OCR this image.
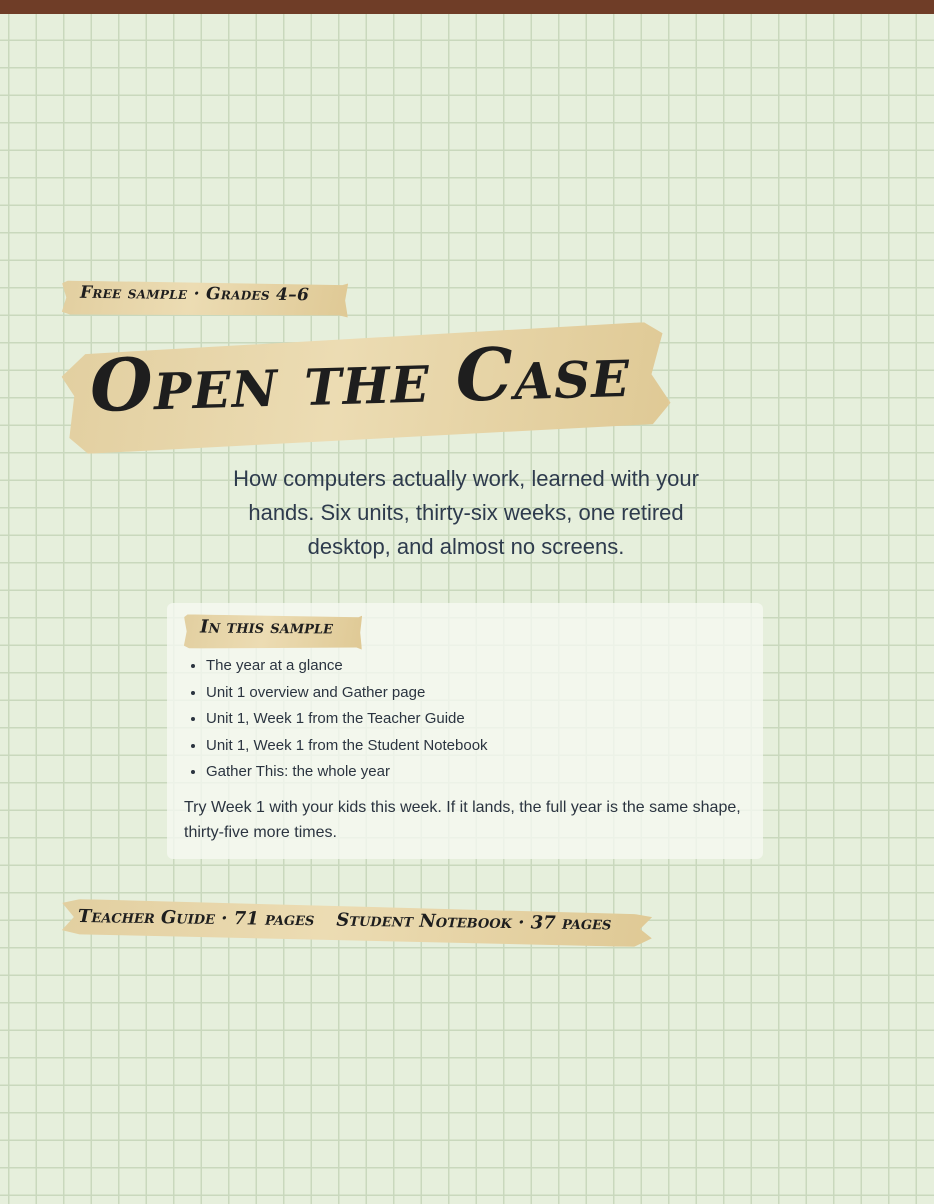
Free sample · Grades 4–6
Open the Case

How computers actually work, learned with your hands. Six units, thirty-six weeks, one retired desktop, and almost no screens.

In this sample
• The year at a glance
• Unit 1 overview and Gather page
• Unit 1, Week 1 from the Teacher Guide
• Unit 1, Week 1 from the Student Notebook
• Gather This: the whole year

Try Week 1 with your kids this week. If it lands, the full year is the same shape, thirty-five more times.

Teacher Guide · 71 pages Student Notebook · 37 pages
